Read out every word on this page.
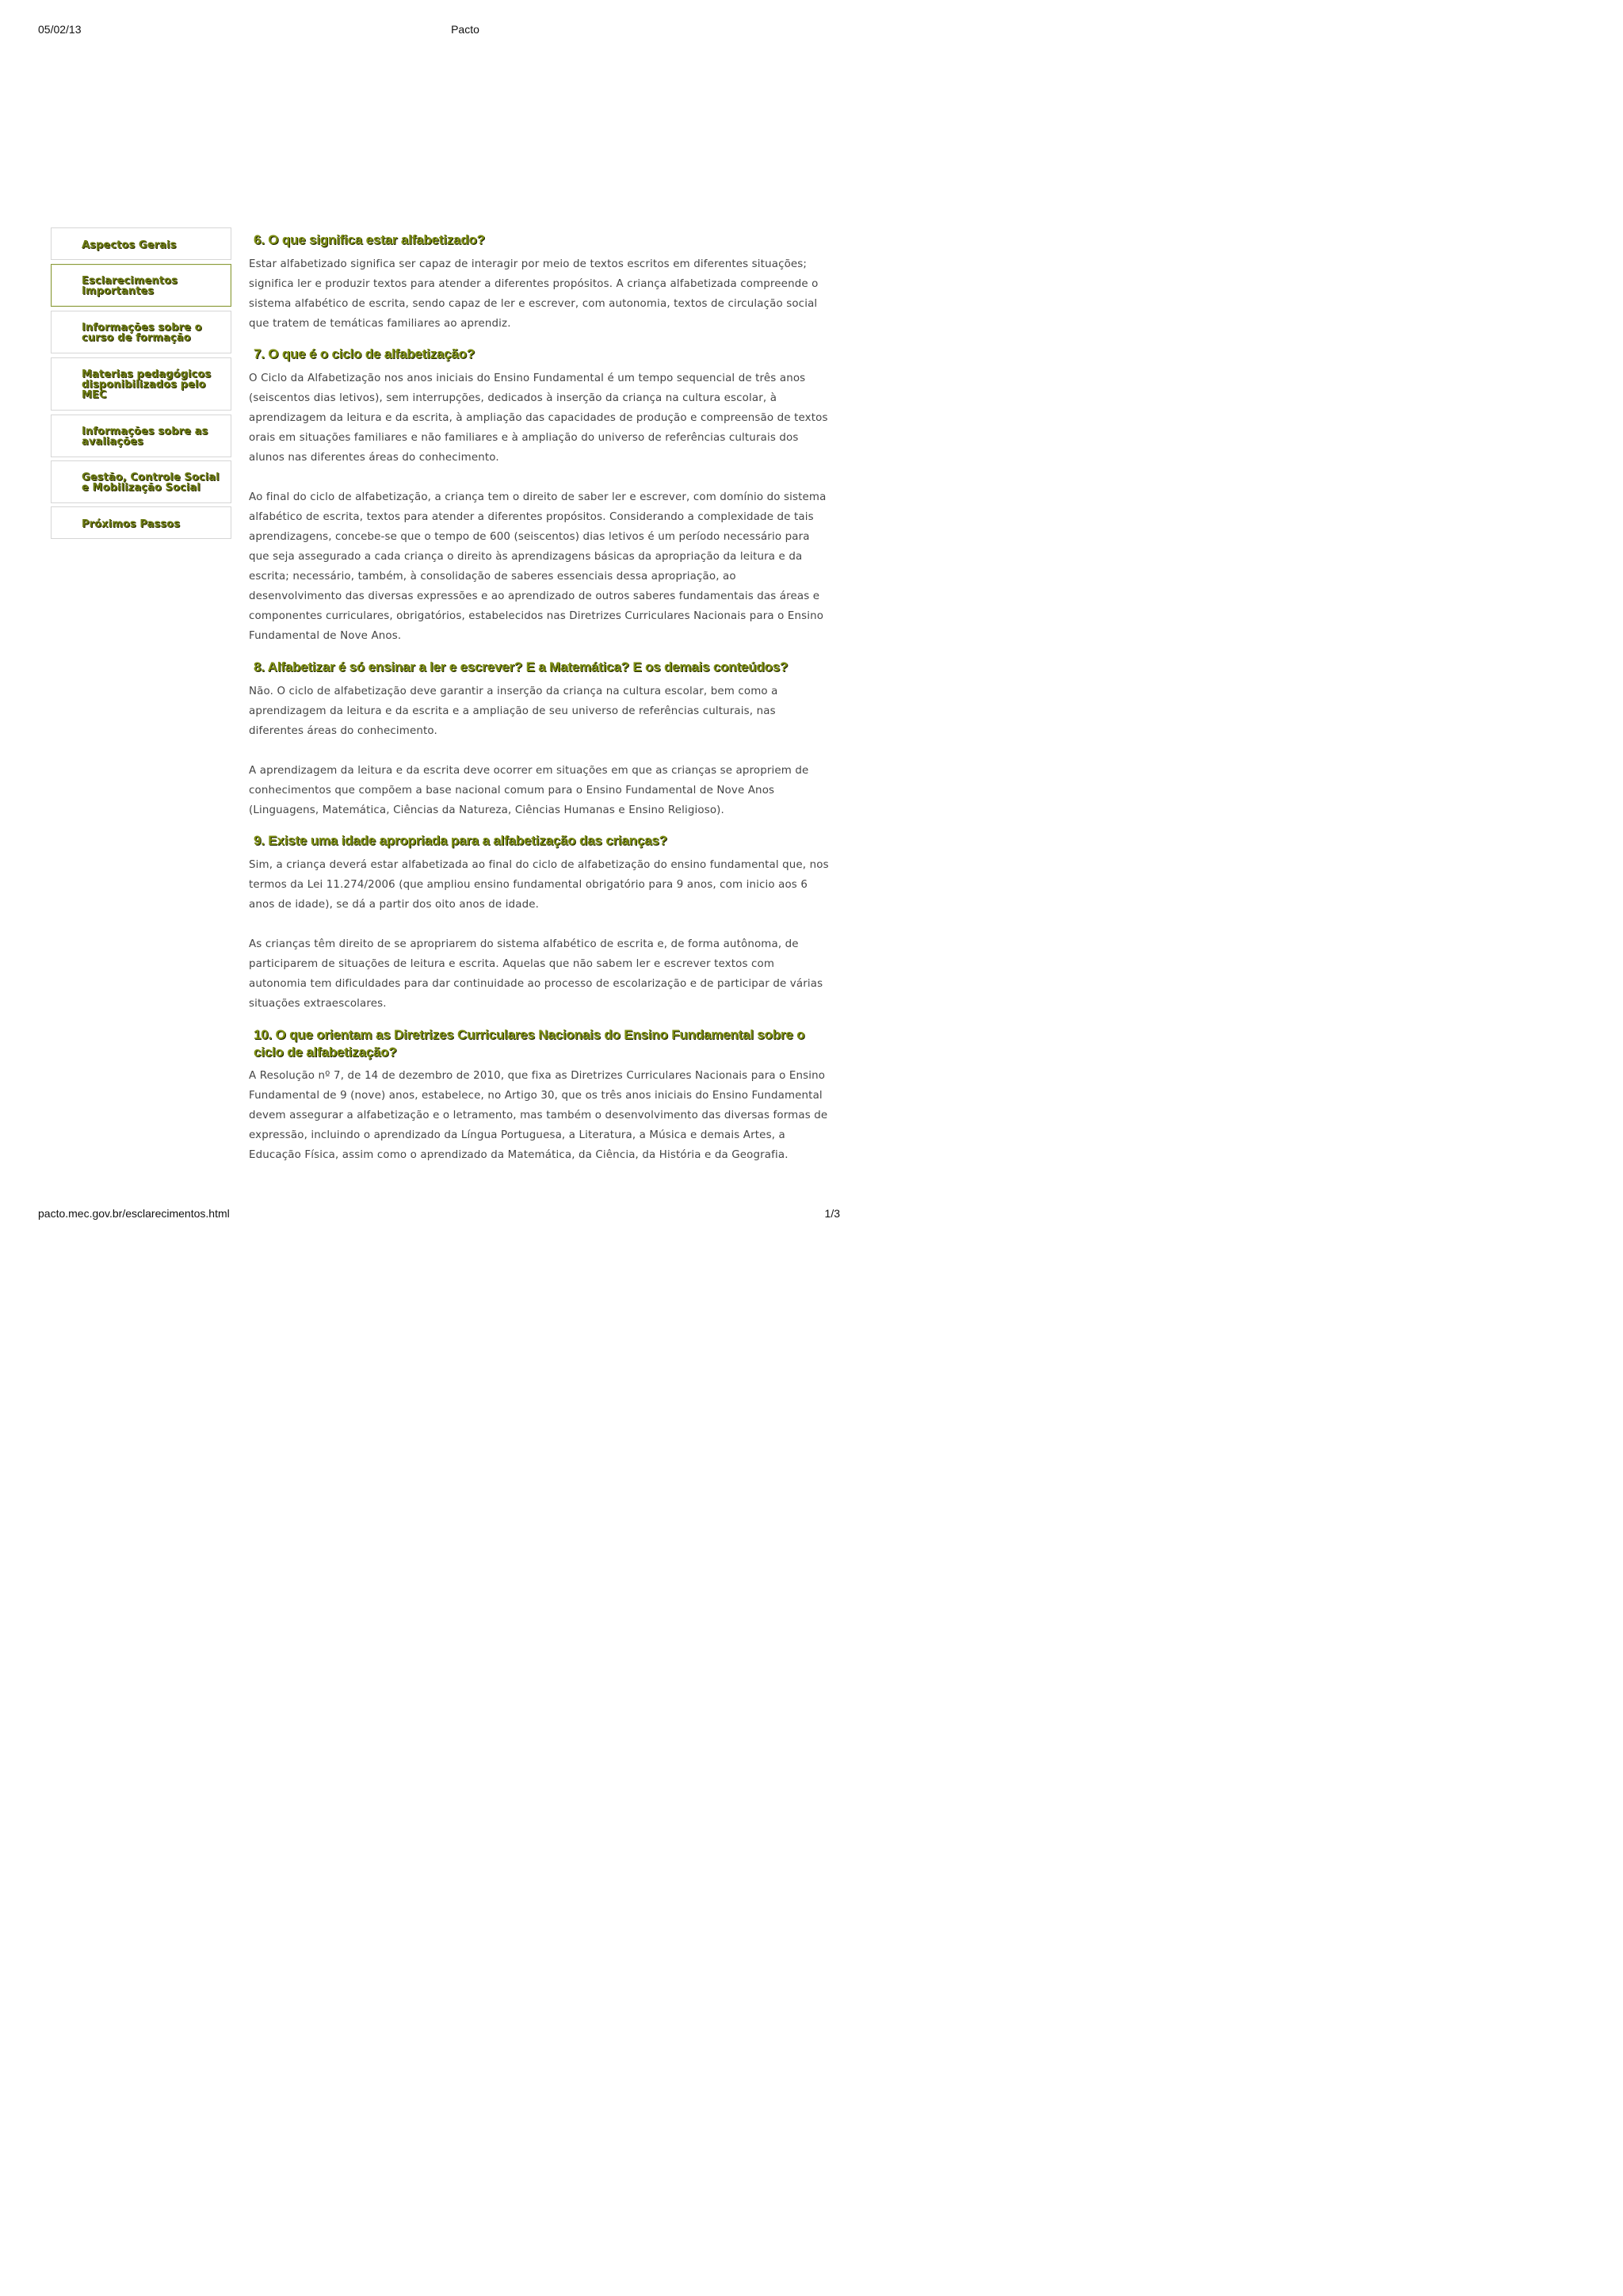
05/02/13	Pacto
Aspectos Gerais
Esclarecimentos Importantes
Informações sobre o curso de formação
Materias pedagógicos disponibilizados pelo MEC
Informações sobre as avaliações
Gestão, Controle Social e Mobilização Social
Próximos Passos
6. O que significa estar alfabetizado?

Estar alfabetizado significa ser capaz de interagir por meio de textos escritos em diferentes situações; significa ler e produzir textos para atender a diferentes propósitos. A criança alfabetizada compreende o sistema alfabético de escrita, sendo capaz de ler e escrever, com autonomia, textos de circulação social que tratem de temáticas familiares ao aprendiz.

7. O que é o ciclo de alfabetização?

O Ciclo da Alfabetização nos anos iniciais do Ensino Fundamental é um tempo sequencial de três anos (seiscentos dias letivos), sem interrupções, dedicados à inserção da criança na cultura escolar, à aprendizagem da leitura e da escrita, à ampliação das capacidades de produção e compreensão de textos orais em situações familiares e não familiares e à ampliação do universo de referências culturais dos alunos nas diferentes áreas do conhecimento.

Ao final do ciclo de alfabetização, a criança tem o direito de saber ler e escrever, com domínio do sistema alfabético de escrita, textos para atender a diferentes propósitos. Considerando a complexidade de tais aprendizagens, concebe-se que o tempo de 600 (seiscentos) dias letivos é um período necessário para que seja assegurado a cada criança o direito às aprendizagens básicas da apropriação da leitura e da escrita; necessário, também, à consolidação de saberes essenciais dessa apropriação, ao desenvolvimento das diversas expressões e ao aprendizado de outros saberes fundamentais das áreas e componentes curriculares, obrigatórios, estabelecidos nas Diretrizes Curriculares Nacionais para o Ensino Fundamental de Nove Anos.

8. Alfabetizar é só ensinar a ler e escrever? E a Matemática? E os demais conteúdos?

Não. O ciclo de alfabetização deve garantir a inserção da criança na cultura escolar, bem como a aprendizagem da leitura e da escrita e a ampliação de seu universo de referências culturais, nas diferentes áreas do conhecimento.

A aprendizagem da leitura e da escrita deve ocorrer em situações em que as crianças se apropriem de conhecimentos que compõem a base nacional comum para o Ensino Fundamental de Nove Anos (Linguagens, Matemática, Ciências da Natureza, Ciências Humanas e Ensino Religioso).

9. Existe uma idade apropriada para a alfabetização das crianças?

Sim, a criança deverá estar alfabetizada ao final do ciclo de alfabetização do ensino fundamental que, nos termos da Lei 11.274/2006 (que ampliou ensino fundamental obrigatório para 9 anos, com inicio aos 6 anos de idade), se dá a partir dos oito anos de idade.

As crianças têm direito de se apropriarem do sistema alfabético de escrita e, de forma autônoma, de participarem de situações de leitura e escrita. Aquelas que não sabem ler e escrever textos com autonomia tem dificuldades para dar continuidade ao processo de escolarização e de participar de várias situações extraescolares.

10. O que orientam as Diretrizes Curriculares Nacionais do Ensino Fundamental sobre o ciclo de alfabetização?

A Resolução nº 7, de 14 de dezembro de 2010, que fixa as Diretrizes Curriculares Nacionais para o Ensino Fundamental de 9 (nove) anos, estabelece, no Artigo 30, que os três anos iniciais do Ensino Fundamental devem assegurar a alfabetização e o letramento, mas também o desenvolvimento das diversas formas de expressão, incluindo o aprendizado da Língua Portuguesa, a Literatura, a Música e demais Artes, a Educação Física, assim como o aprendizado da Matemática, da Ciência, da História e da Geografia.

pacto.mec.gov.br/esclarecimentos.html	1/3
